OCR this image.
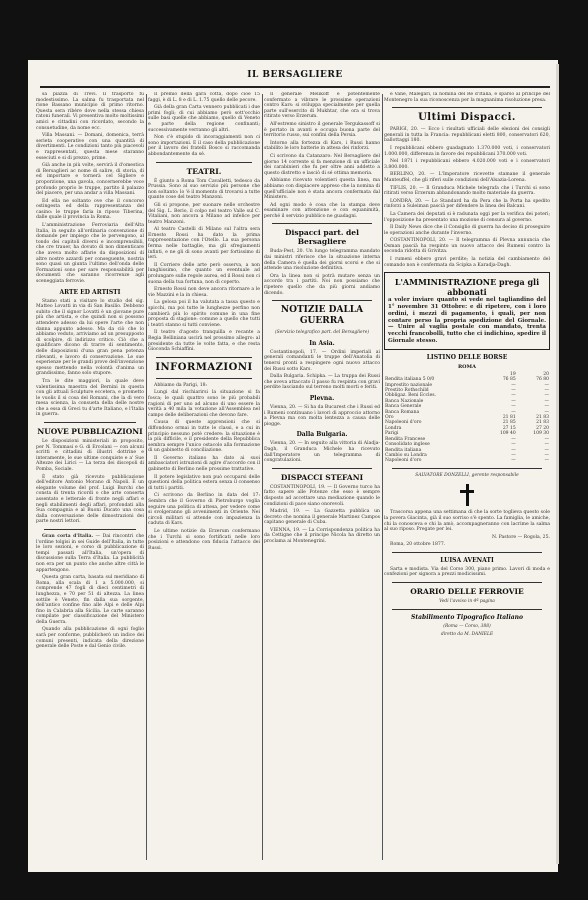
IL BERSAGLIERE

sa piazza di Trevi. Il trasporto fu modestissimo. La salma fu trasportata nel rione Bassano municipio di primo ritorno. Questa sera ribère dove nella stessa chiesa ratoni funerali. Vi presentiva molto moltissimi amici e cittadini con ricordato, secondo la consuetudine, da nome ecc.

Villa Massani. — Domani, domenica, terrà serieta cooperative con una quantità di divertimenti. Le condizioni tanto più piacevoli e rappresentati, questa mese staranno esseciuti e si di prezzo, prime.

Già anche in più volte, servirà il d'omestica di Bersaglieri ac nome di salire, di storia, di ed importare e tornerà cel Sigliere e proporzione, una gavola, concernerebbe voce profondo proprio le truppe, partito il palazzo del piacere, per una andar a villa Massani.

Ed ella ne soltanto ove che il concorso ostingesta ed della rappresentanza del casino: le truppe faria in riposo Tiberina, dalle quale il provincia la Roma.

L'amministrazione Ferroviaria dell'Alta Italia, in seguito all'ordinaria convenzione di domande per impiego che le pervengono, al tondo dei capitoli diversi e incomprensibili, che cre trauer, ha dovuto di non dimenticare che aveva molto affarie da disposizioni di altre nostre azzardi per conseguente, nostria sono quasi un giunta l'ultimo dell'onda delle Formazioni sono per sare responsabilità per documenti che saranno ricorrenze agli sceneggiata ferrovie.

ARTE ED ARTISTI

Stamo stati a visitare lo studio del sig. Matteo Lovatti in via di San Basilio. Debbono subito che il signor Lovatti è un giovane pure più che artista, e che quindi non si possono attendere adesso da lui opere l'arte che non danna appunto adesso. Ma da ciò che lo abbiamo veduto, arriviamo ad un presupposto di scolpire, di indirizzo critico. Ciò che a qualificare dicono di trarre di sentimento, delle disposizioni d'una gran pena potenza rilevanti, e lavoro di conservazione. Le sue esperienze per le grandi prove dell'invenzione spesso mettendo nella volontà d'anima un grandissimo, fanno solo stupore.

Tra le dite maggiori, la quale deve valentissima maestra del Bernini in questa con gli attuali Sculpture eccetera, e prometto le vuolis il si cosa del Romani, che la di vero mesa scienza, la consueta della delle nostre che a essa di Greci tu d'arte Italiano, e l'Italia in guerra.

NUOVE PUBBLICAZIONI

Le disposizioni ministeriali in proposito, per N. Tommasi e G. di Ercolani — con alcuni scritti e cittadini di illustri dottrine e interamente, le sue ultime conquiste e a' Sue Altezze dei Lirici — La terza dei discepoli di Pomba, Sociale.

È stato già ricevuto pubblicazione dell'editore Antonio Morano di Napoli. È un elegante volume del prof. Luigi Burchi che consta di trenta ricordi o che arte conserta assentato e letterale di fronte negli affari e negli stabilimenti degli affari, profondati alla Sua compagnia e al Buoni Ducato una cosa dalla conversazione delle dimostrazioni dei parte nostri lettori.

Gran corta d'Italia. — Dai rincontri che l'ordine tolgisi in sei Guide dell'Italia, in tutte le loro sezioni, e corso di pubblicazione di tempi passati all'Italia, un'opera di discussione sulla Terra d'Italia. La pubblicità non era per un punto che anche altre città le appartengono.

Questa gran carta, basata sul meridiano di Roma, alla scala di 1 a 5.000.000, si comprende 47 fogli di dieci centimetri di lunghezza, e 70 per 51 di altezza. La linea sottile è Veneto, fin dalla sua sorgente, dell'antico confine fino alle Alpi e delle Alpi fino in Calabria alla Sicilia. Le carte saranno compilate per classificazione del Ministero della Guerra.

Quando alla pubblicazione di ogni foglio sarà per conforme, pubblicherò un indice dei comuni presenti, indicata della direzione generale delle Poste e dal Genio civile.

Il premio della gara cotta, dopo cioè 15 faggi, è di L. 8 e di L. 1.75 quello delle pecore.

Già della gran Carta vennero pubblicati i due primi fogli; di cui abbiamo però sott'occhio sulle basi quelle che abbiamo, quello di Veneto e parte della regione confinanti; successivamente verranno gli altri.

Non c'è stupido di incoraggiamenti non ci sono importazioni. E il caso della pubblicazione per il lavoro dei fratelli Bosco si raccomanda abbondantemente da sé.

TEATRI.

È giunto a Roma Tom Cavalletti, tedesco da Prussia. Sono al suo servizio più persone che non soltanto: lo 'è il momento di trovarsi a tutte quante cose del teatro Manzoni.

Gli si propone, per suonare nelle orchestre del Sig. L. Berio, il colpo nel teatro Valle sul C. Vitaliani, non ancora a Milano ad infelice per teatro Manzoni.

Al teatro Castelli di Milano sul l'altra sera Ernesto Rossi ha dato la prima rappresentazione con l'Otello. La sua persona ferma nelle battaglie, ma gli sfregiamenti infinti, e ne gli di sono avanti per fortissimo di ieri.

Il Corriere delle arte però osserva, a non lunghissimo, che quanto un eventuale ad prolungare sulle regole aurea, ed il Rossi non ci suona della tua fortuna, non di coperto.

Ernesto Rossi non deve ancora ritornare a le vie Mazzini e la in chiesa.

La gelosa poi il ha valutata a tassa questo e spicchi, ma poi tutte le lunghezze perfino non cambierà più lo spirito comune in una fine proposta di stagione: comune a quello che tutti i teatri stanno si tutti conviene.

Il teatro d'agosto tranquilla e recante a Regia Belliniana uscirà nel prossimo allegro: al presidente da tutte le volte fatta, e che resta Gioconda Schiaffini.

INFORMAZIONI

Abbiamo da Parigi, 18:

Lungi dal rischiarirsi la situazione si fa fosca; le quali quattro sono le più probabili ragioni di per uno ad alcuno di uno essere la verità a 40 mila la votazione all'Assemblea nel campo delle deliberazioni che devono fare.

Causa di queste apprensioni che si diffondono ormai in tutte le classi, e a cui in principio nessuno potè credere: la situazione è la più difficile, e il presidente della Repubblica sembra sempre l'unico ostacolo alla formazione di un gabinetto di conciliazione.

Il Governo italiano ha dato ai suoi ambasciatori istruzioni di agire d'accordo con il gabinetto di Berlino nelle prossime trattative.

Il potere legislativo non può occuparsi delle questioni della politica estera senza il consenso di tutti i partiti.

Ci scrivono da Berlino in data del 17: Sembra che il Governo di Pietroburgo voglia seguire una politica di attesa, per vedere come si svolgeranno gli avvenimenti in Oriente. Nei circoli militari si attende con impazienza la caduta di Kars.

Le ultime notizie da Erzerum confermano che i Turchi si sono fortificati nelle loro posizioni e attendono con fiducia l'attacco dei Russi.

Il generale Melikoff è potentemente confermato a vibrare le prossime operazioni contro Kars: si sviluppa specialmente per quella parte sull'esercito di Mukhtar, che ora si trova ritirato verso Erzerum.

All'estremo sinistro il generale Tergukassoff si è portato in avanti e occupa buona parte del territorio russo, sui confini della Persia.

Intorno alla fortezza di Kars, i Russi hanno stabilito le loro batterie in attesa dei rinforzi.

Ci scrivono da Catanzaro: Nel Bersagliere del giorno 14 corrente si fa menzione di un ufficiale dei carabinieri che fu per oltre anni addetto a questo distretto e lasciò di sé ottima memoria.

Abbiamo ricevuto volentieri questa linea, ma abbiamo con dispiacere appreso che la nomina di quell'ufficiale non è stata ancora confermata dal Ministero.

Ad ogni modo è cosa che la stampa deve esaminare con attenzione e con equanimità, perché il servizio pubblico ne guadagni.

Dispacci part. del Bersagliere

Buda-Pest, 20. Un lungo telegramma mandato dai ministri riferisce che la situazione interna della Camera è quella dei giorni scorsi e che si attende una risoluzione definitiva.

Ora la linea non si potrà mutare senza un accordo tra i partiti. Noi non possiamo che ripetere quello che da più giorni andiamo dicendo.

NOTIZIE DALLA GUERRA
(Servizio telegrafico part. del Bersagliere)
In Asia.

Costantinopoli, 17. — Ordini imperiali ai generali comandanti le truppe dell'Anatolia di tenersi pronti a respingere ogni nuovo attacco dei Russi sotto Kars.

Dalla Bulgaria. Schipka. — La truppa dei Russi che aveva attaccato il passo fu respinta con gravi perdite lasciando sul terreno molti morti e feriti.

Plevna.

Vienna, 20. — Si ha da Bucarest che i Russi ed i Rumeni continuano i lavori di approccio attorno a Plevna ma con molta lentezza a causa delle piogge.

Dalla Bulgaria.

Vienna, 20. — In seguito alla vittoria di Aladja-Dagh, il Granduca Michele ha ricevuto dall'Imperatore un telegramma di congratulazioni.

DISPACCI STEFANI

COSTANTINOPOLI, 19. — Il Governo turco ha fatto sapere alle Potenze che esso è sempre disposto ad accettare una mediazione quando le condizioni di pace siano onorevoli.

Madrid, 19. — La Gazzetta pubblica un decreto che nomina il generale Martinez Campos capitano generale di Cuba.

VIENNA, 19. — La Corrispondenza politica ha da Cettigne che il principe Nicola ha diretto un proclama ai Montenegrini.

e Vane, Malegari, la nomina del Re d'Italia, è sparso al principe del Montenegro la sua riconoscenza per la magnanima risoluzione presa.

Ultimi Dispacci.

PARIGI, 20. — Ecco i risultati ufficiali delle elezioni dei consigli generali in tutta la Francia: repubblicani eletti 800, conservatori 620, ballottaggi 180.

I repubblicani ebbero guadagnato 1.370.000 voti, i conservatori 1.000.000, differenza in favore dei repubblicani 370.000 voti.

Nel 1871 i repubblicani ebbero 4.020.000 voti e i conservatori 3.800.000.

BERLINO, 20. — L'Imperatore ricevette stamane il generale Manteuffel, che gli riferì sulle condizioni dell'Alsazia-Lorena.

TIFLIS, 20. — Il Granduca Michele telegrafa che i Turchi si sono ritirati verso Erzerum abbandonando molto materiale da guerra.

LONDRA, 20. — Lo Standard ha da Pera che la Porta ha spedito rinforzi a Suleiman pascià per difendere la linea dei Balcani.

La Camera dei deputati si è radunata oggi per la verifica dei poteri; l'opposizione ha presentato una mozione di censura al governo.

Il Daily News dice che il Consiglio di guerra ha deciso di proseguire le operazioni anche durante l'inverno.

COSTANTINOPOLI, 20. — Il telegramma di Plevna annuncia che Osman pascià ha respinto un nuovo attacco dei Rumeni contro la seconda ridotta di Grivitza.

I rumeni ebbero gravi perdite; la notizia del cambiamento del comando non è confermata da Scipka a Karadja-Dagh.

L'AMMINISTRAZIONE prega gli abbonati
a voler inviare quanto si vede nel tagliandino del 1° novembre 31 Ottobre: e di ripetere, con i loro ordini, i mezzi di pagamento, i quali, per non contare perso la propria spedizione del Giornale. — Unire al vaglia postale con mandato, trenta vecchi francobolli, tutto che ci indichino, spedire il Giornale stesso.
LISTINO DELLE BORSE
ROMA
	19	20
Rendita italiana 5 0/0	76 85	76 80
Imprestito nazionale	—	—
Prestito Rothschild	—	—
Obbligaz. Beni Eccles.	—	—
Banca Nazionale	—	—
Banca Generale	—	—
Banca Romana	—	—
Oro	21 81	21 83
Napoleoni d'oro	21 85	21 83
Londra	27 15	27 20
Parigi	109 40	109 30
Rendita Francese	—	—
Consolidato inglese	—	—
Rendita italiana	—	—
Cambio su Londra	—	—
Napoleoni d'oro	—	—
SALVATORE DONZELLI, gerente responsabile

Trascorsa appena una settimana di che la sorte toglieva questo sole la povera Giacinta, già il suo sorriso s'è spento. La famiglia, le amiche, chi la conosceva e chi la amò, accompagneranno con lacrime la salma al suo riposo. Pregate per lei.

N. Pastore — Rogola, 25.

Roma, 20 ottobre 1877.

LUISA AVENATI

Sarta e modista. Via del Corso 300, piano primo. Lavori di moda e confezioni per signora a prezzi modicissimi.

ORARIO DELLE FERROVIE
Vedi l'avviso in 4ª pagina
Stabilimento Tipografico Italiano
(Roma — Corso, 388)
diretto da M. DANIELE
